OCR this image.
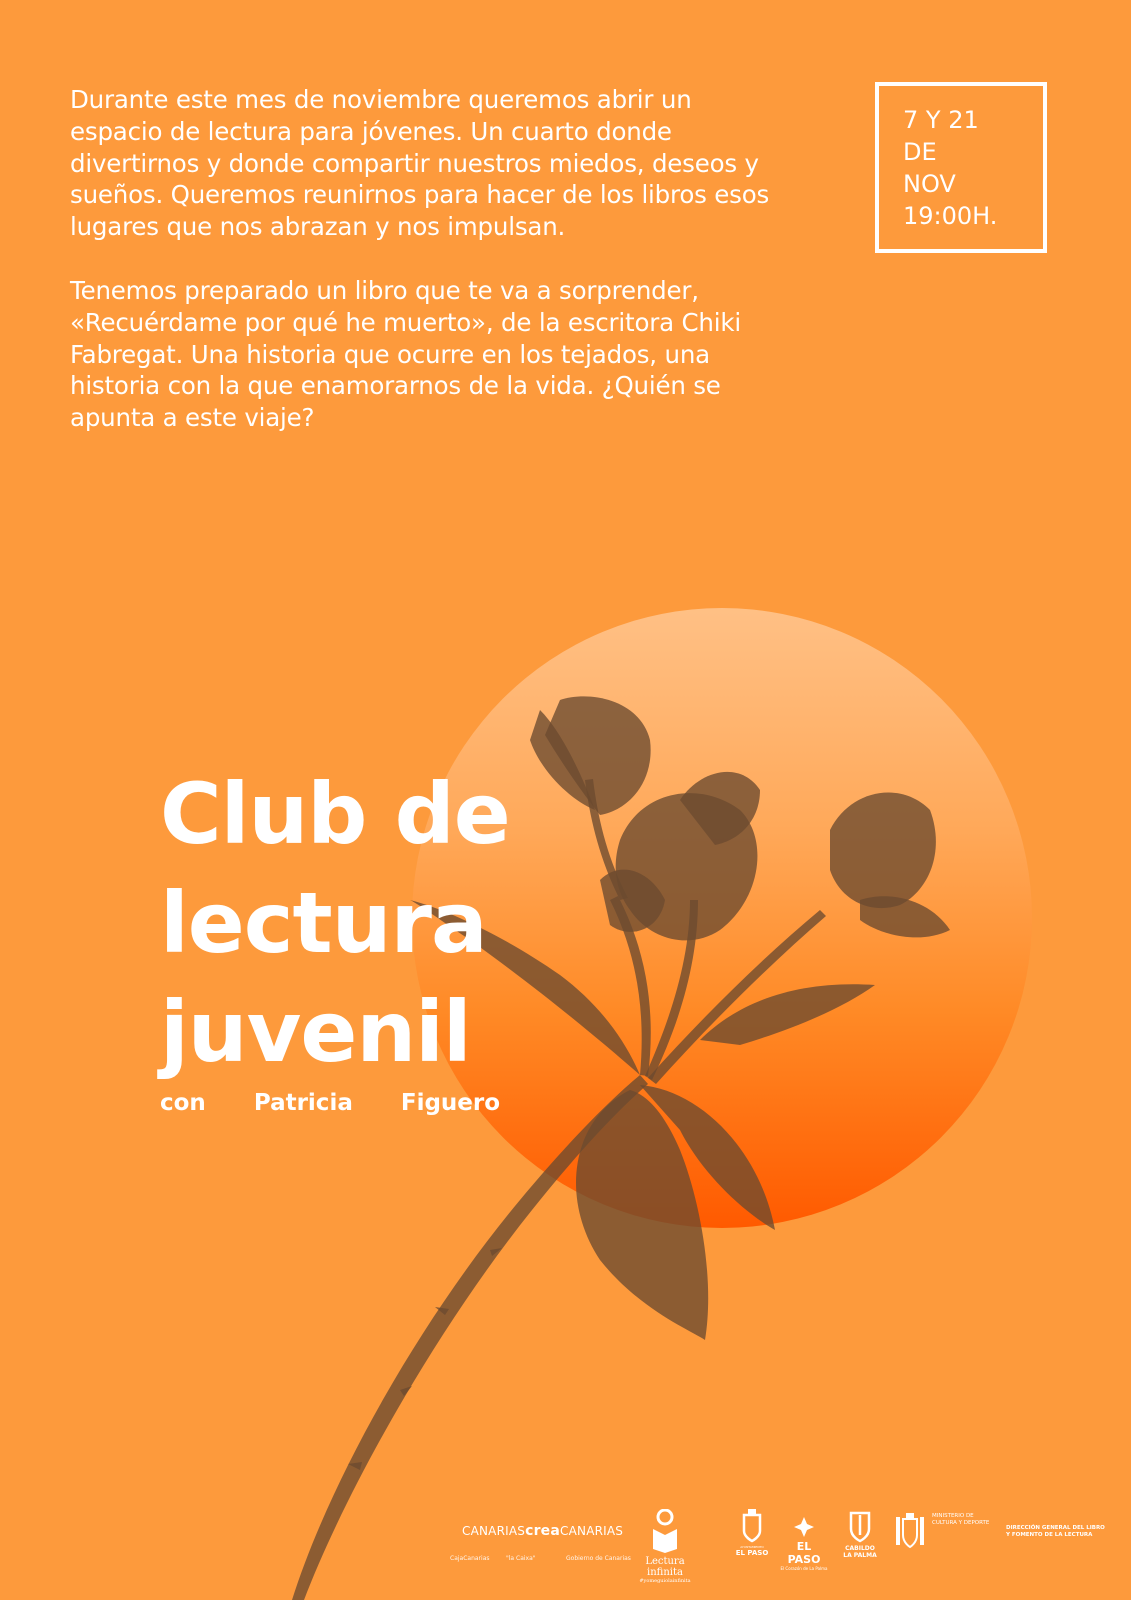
Durante este mes de noviembre queremos abrir un espacio de lectura para jóvenes. Un cuarto donde divertirnos y donde compartir nuestros miedos, deseos y sueños. Queremos reunirnos para hacer de los libros esos lugares que nos abrazan y nos impulsan.

Tenemos preparado un libro que te va a sorprender, «Recuérdame por qué he muerto», de la escritora Chiki Fabregat. Una historia que ocurre en los tejados, una historia con la que enamorarnos de la vida. ¿Quién se apunta a este viaje?

7 Y 21
DE
NOV
19:00H.
Club de
lectura
juvenil
con Patricia Figuero
CANARIAScreaCANARIAS
CajaCanarias	"la Caixa"	Gobierno de Canarias	Lectura infinita
#yomeguiolainfinita
AYUNTAMIENTO
EL PASO	EL PASO
El Corazón de La Palma
CABILDO
LA PALMA
MINISTERIO DE CULTURA Y DEPORTE
DIRECCIÓN GENERAL DEL LIBRO Y FOMENTO DE LA LECTURA
